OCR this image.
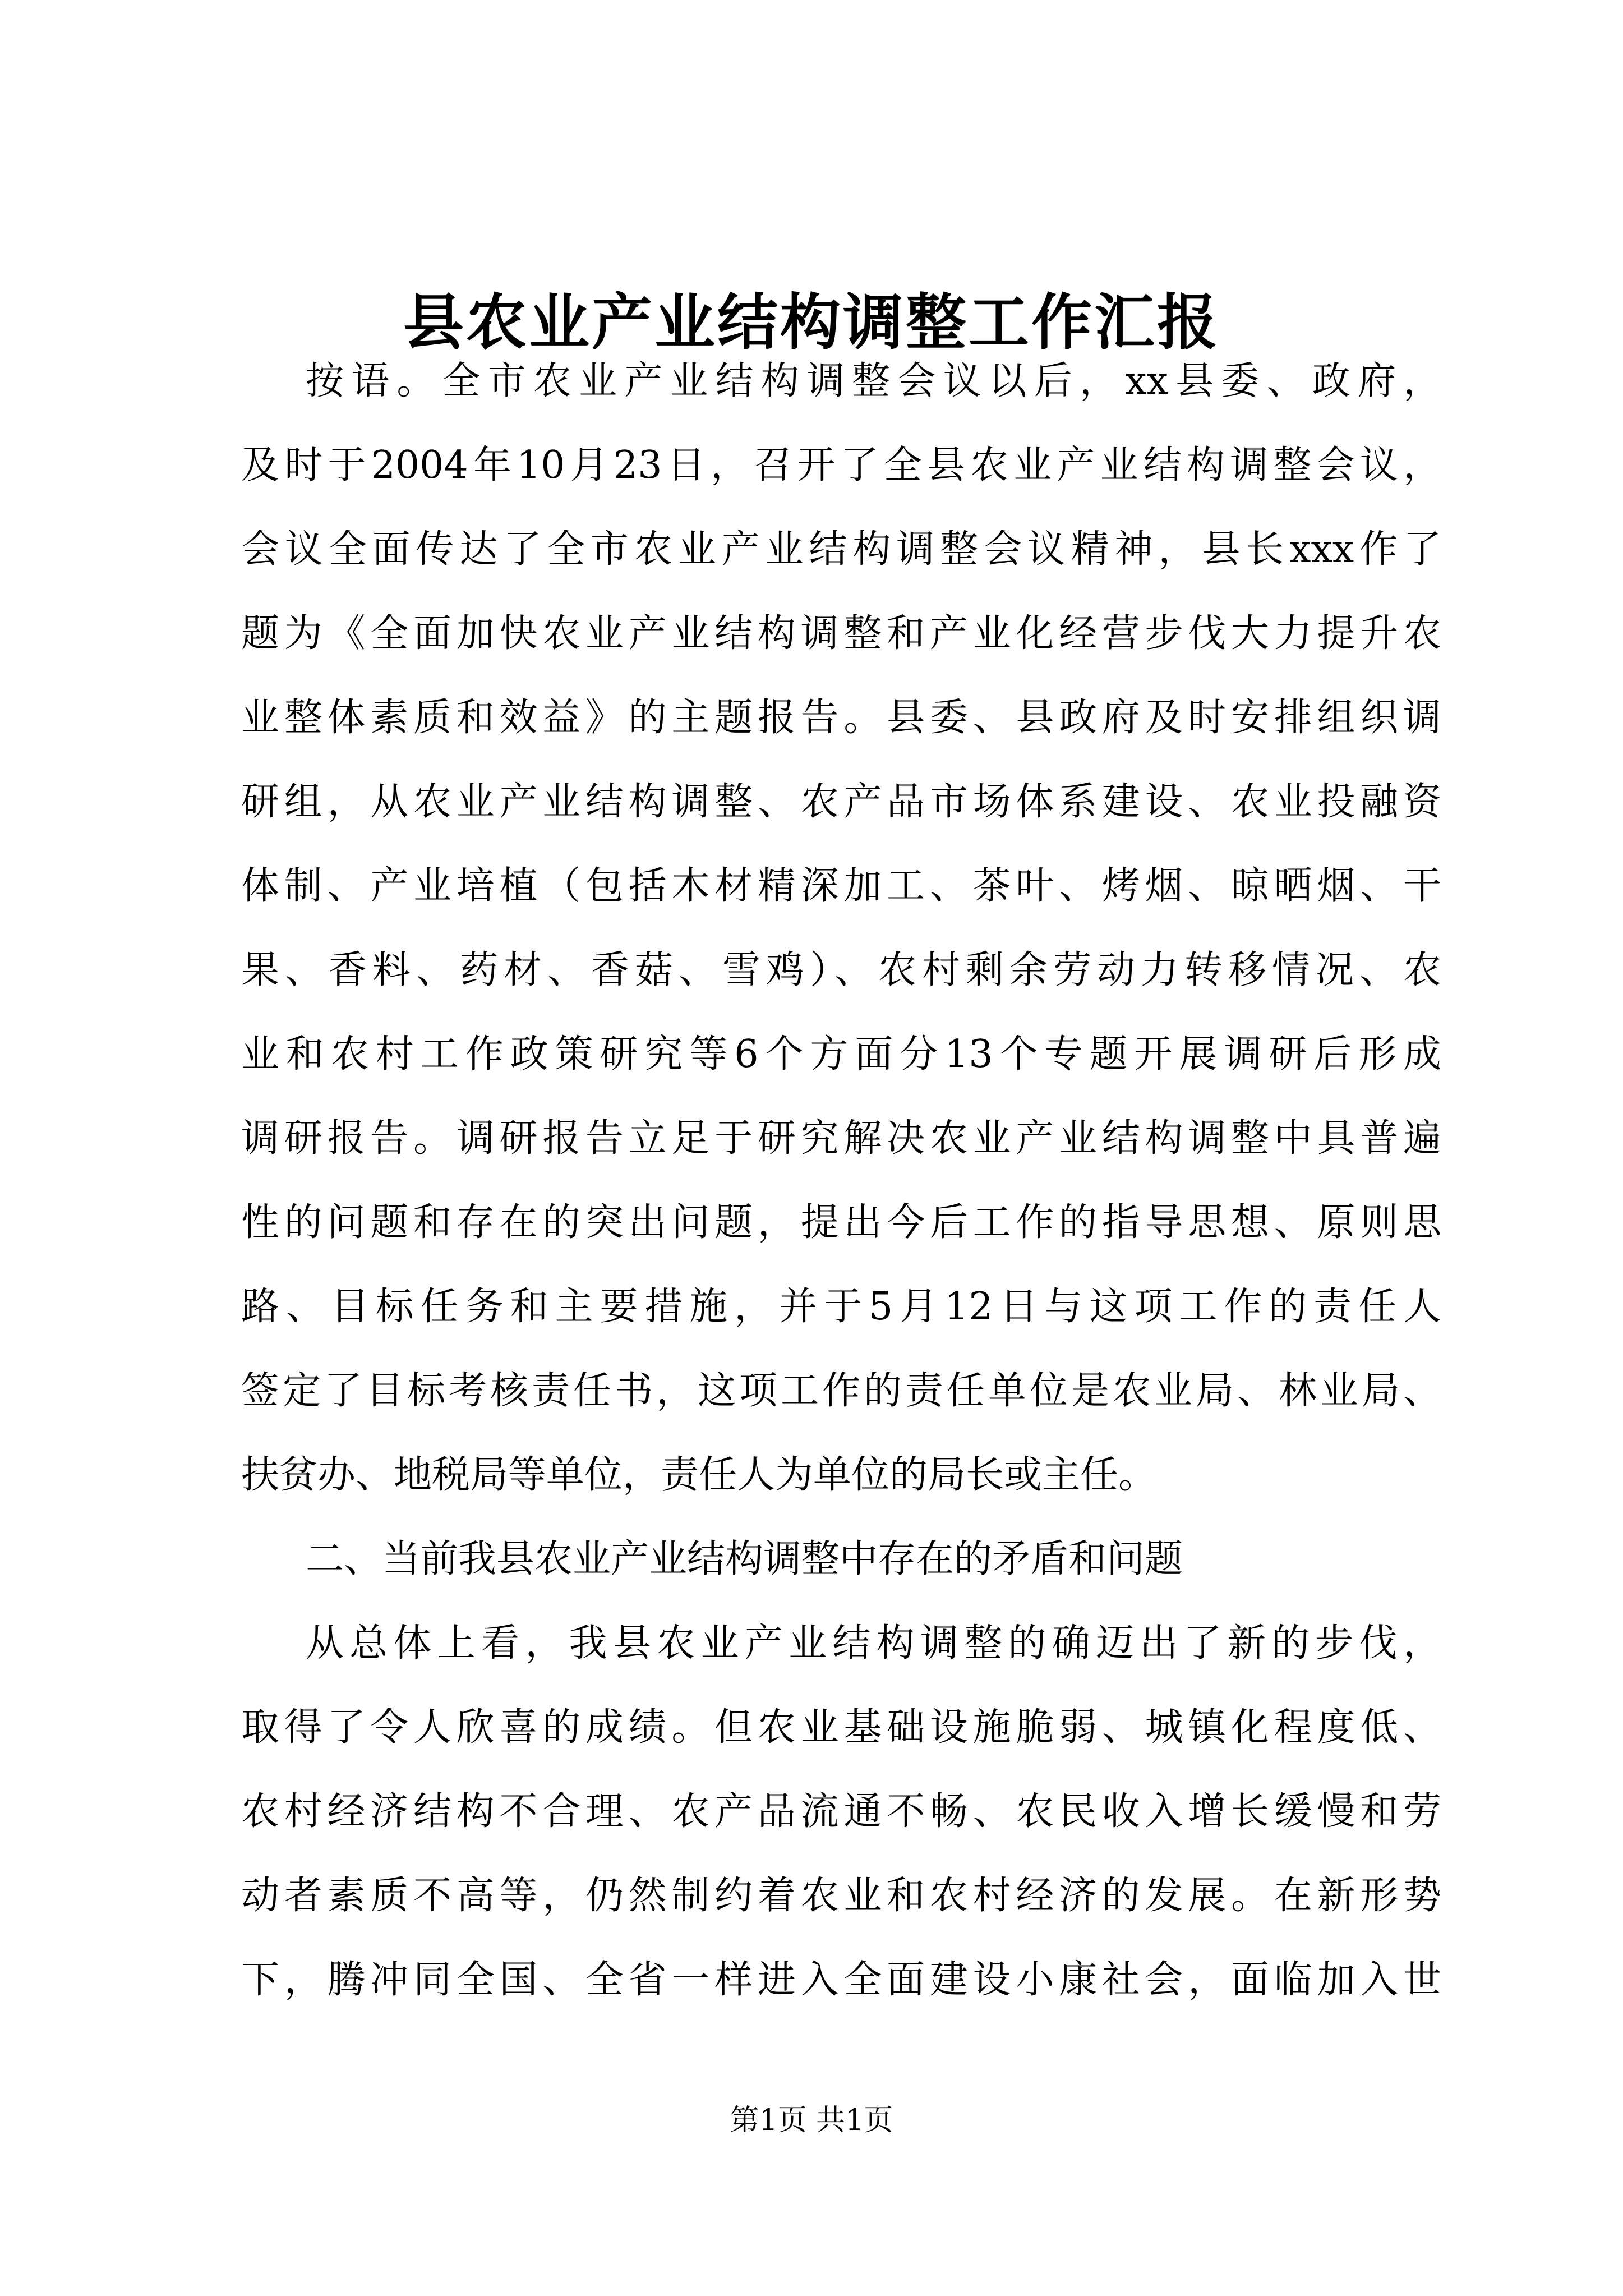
县农业产业结构调整工作汇报
按语。全市农业产业结构调整会议以后，xx县委、政府，
及时于2004年10月23日，召开了全县农业产业结构调整会议，
会议全面传达了全市农业产业结构调整会议精神，县长xxx作了
题为《全面加快农业产业结构调整和产业化经营步伐大力提升农
业整体素质和效益》的主题报告。县委、县政府及时安排组织调
研组，从农业产业结构调整、农产品市场体系建设、农业投融资
体制、产业培植（包括木材精深加工、茶叶、烤烟、晾晒烟、干
果、香料、药材、香菇、雪鸡）、农村剩余劳动力转移情况、农
业和农村工作政策研究等6个方面分13个专题开展调研后形成
调研报告。调研报告立足于研究解决农业产业结构调整中具普遍
性的问题和存在的突出问题，提出今后工作的指导思想、原则思
路、目标任务和主要措施，并于5月12日与这项工作的责任人
签定了目标考核责任书，这项工作的责任单位是农业局、林业局、
扶贫办、地税局等单位，责任人为单位的局长或主任。
二、当前我县农业产业结构调整中存在的矛盾和问题
从总体上看，我县农业产业结构调整的确迈出了新的步伐，
取得了令人欣喜的成绩。但农业基础设施脆弱、城镇化程度低、
农村经济结构不合理、农产品流通不畅、农民收入增长缓慢和劳
动者素质不高等，仍然制约着农业和农村经济的发展。在新形势
下，腾冲同全国、全省一样进入全面建设小康社会，面临加入世
第1页 共1页
